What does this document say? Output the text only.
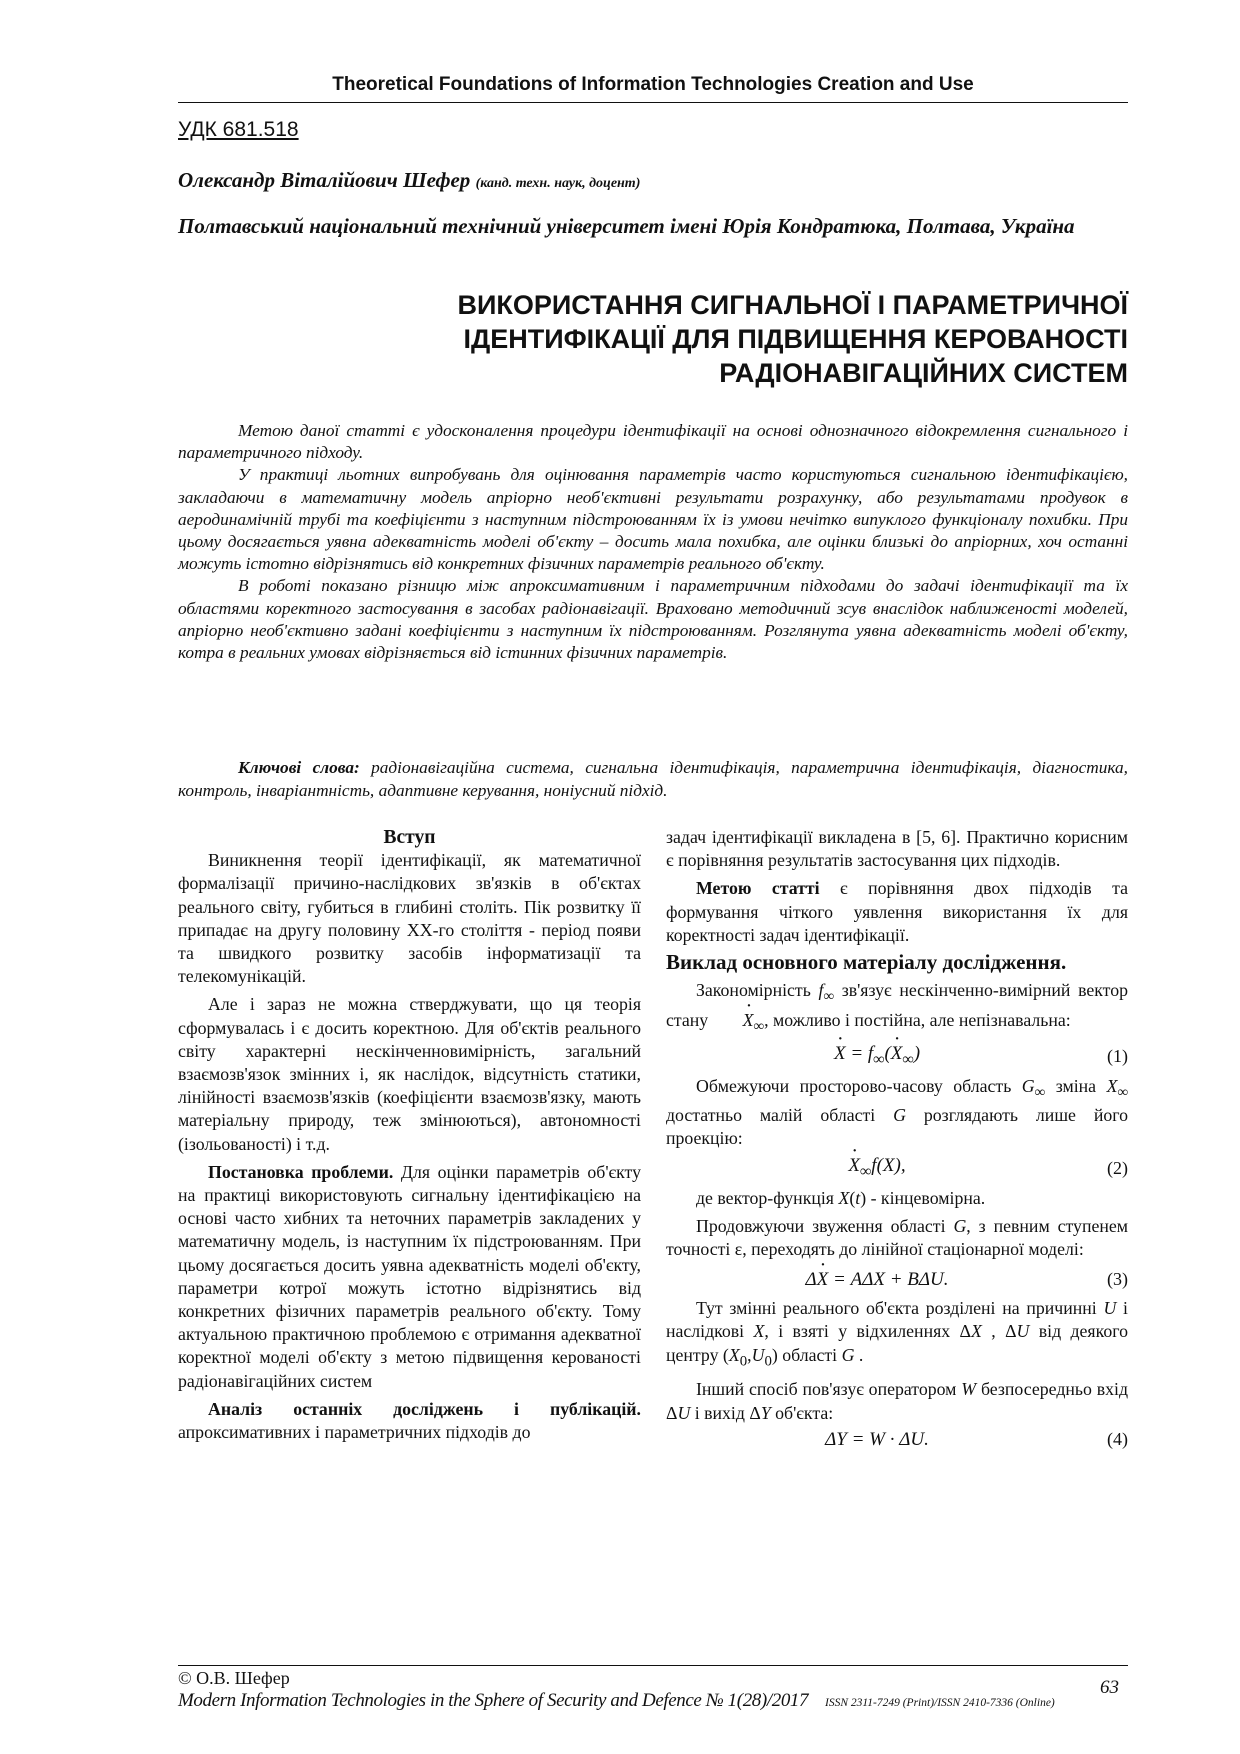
Theoretical Foundations of Information Technologies Creation and Use
УДК 681.518
Олександр Віталійович Шефер (канд. техн. наук, доцент)
Полтавський національний технічний університет імені Юрія Кондратюка, Полтава, Україна
ВИКОРИСТАННЯ СИГНАЛЬНОЇ І ПАРАМЕТРИЧНОЇ
ІДЕНТИФІКАЦІЇ ДЛЯ ПІДВИЩЕННЯ КЕРОВАНОСТІ
РАДІОНАВІГАЦІЙНИХ СИСТЕМ

Метою даної статті є удосконалення процедури ідентифікації на основі однозначного відокремлення сигнального і параметричного підходу.

У практиці льотних випробувань для оцінювання параметрів часто користуються сигнальною ідентифікацією, закладаючи в математичну модель апріорно необ'єктивні результати розрахунку, або результатами продувок в аеродинамічній трубі та коефіцієнти з наступним підстроюванням їх із умови нечітко випуклого функціоналу похибки. При цьому досягається уявна адекватність моделі об'єкту – досить мала похибка, але оцінки близькі до апріорних, хоч останні можуть істотно відрізнятись від конкретних фізичних параметрів реального об'єкту.

В роботі показано різницю між апроксимативним і параметричним підходами до задачі ідентифікації та їх областями коректного застосування в засобах радіонавігації. Враховано методичний зсув внаслідок наближеності моделей, апріорно необ'єктивно задані коефіцієнти з наступним їх підстроюванням. Розглянута уявна адекватність моделі об'єкту, котра в реальних умовах відрізняється від істинних фізичних параметрів.

Ключові слова: радіонавігаційна система, сигнальна ідентифікація, параметрична ідентифікація, діагностика, контроль, інваріантність, адаптивне керування, ноніусний підхід.

Вступ

Виникнення теорії ідентифікації, як математичної формалізації причино-наслідкових зв'язків в об'єктах реального світу, губиться в глибині століть. Пік розвитку її припадає на другу половину XX-го століття - період появи та швидкого розвитку засобів інформатизації та телекомунікацій.

Але і зараз не можна стверджувати, що ця теорія сформувалась і є досить коректною. Для об'єктів реального світу характерні нескінченновимірність, загальний взаємозв'язок змінних і, як наслідок, відсутність статики, лінійності взаємозв'язків (коефіцієнти взаємозв'язку, мають матеріальну природу, теж змінюються), автономності (ізольованості) і т.д.

Постановка проблеми. Для оцінки параметрів об'єкту на практиці використовують сигнальну ідентифікацією на основі часто хибних та неточних параметрів закладених у математичну модель, із наступним їх підстроюванням. При цьому досягається досить уявна адекватність моделі об'єкту, параметри котрої можуть істотно відрізнятись від конкретних фізичних параметрів реального об'єкту. Тому актуальною практичною проблемою є отримання адекватної коректної моделі об'єкту з метою підвищення керованості радіонавігаційних систем

Аналіз останніх досліджень і публікацій. апроксимативних і параметричних підходів до

задач ідентифікації викладена в [5, 6]. Практично корисним є порівняння результатів застосування цих підходів.

Метою статті є порівняння двох підходів та формування чіткого уявлення використання їх для коректності задач ідентифікації.

Виклад основного матеріалу дослідження.

Закономірність $f_\infty$ зв'язує нескінченно-вимірний вектор стану · $X_\infty$, можливо і постійна, але непізнавальна:

· $X = f_\infty(\cdot X_\infty)$	(1)

Обмежуючи просторово-часову область $G_\infty$ зміна $X_\infty$ достатньо малій області G розглядають лише його проекцію:

· $X_\infty f(X)$,	(2)

де вектор-функція X(t) - кінцевомірна.

Продовжуючи звуження області G, з певним ступенем точності ε, переходять до лінійної стаціонарної моделі:

Δ· X = AΔX + BΔU.	(3)

Тут змінні реального об'єкта розділені на причинні U і наслідкові X, і взяті у відхиленнях ΔX , ΔU від деякого центру $(X_0,U_0)$ області G .

Інший спосіб пов'язує оператором W безпосередньо вхід ΔU і вихід ΔY об'єкта:

ΔY = W · ΔU.	(4)
© О.В. Шефер
Modern Information Technologies in the Sphere of Security and Defence № 1(28)/2017 ISSN 2311-7249 (Print)/ISSN 2410-7336 (Online)
63
